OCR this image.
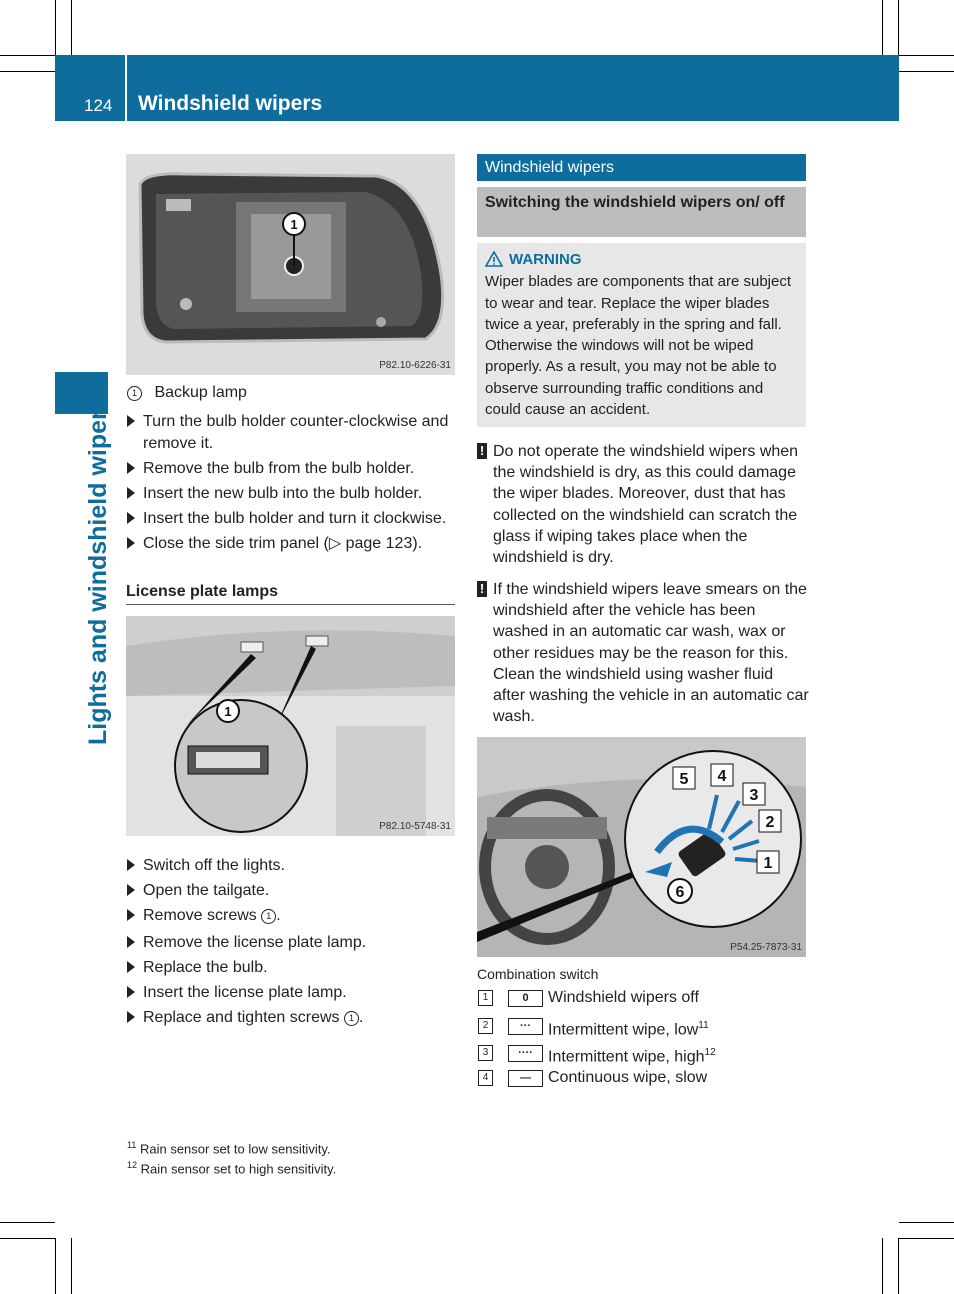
124 Windshield wipers
Lights and windshield wipers
1
P82.10-6226-31
1 Backup lamp
Turn the bulb holder counter-clockwise and remove it.
Remove the bulb from the bulb holder.
Insert the new bulb into the bulb holder.
Insert the bulb holder and turn it clockwise.
Close the side trim panel (▷ page 123).
License plate lamps
1
P82.10-5748-31
Switch off the lights.
Open the tailgate.
Remove screws 1 .
Remove the license plate lamp.
Replace the bulb.
Insert the license plate lamp.
Replace and tighten screws 1 .
Windshield wipers
Switching the windshield wipers on/ off
WARNING
Wiper blades are components that are subject to wear and tear. Replace the wiper blades twice a year, preferably in the spring and fall. Otherwise the windows will not be wiped properly. As a result, you may not be able to observe surrounding traffic conditions and could cause an accident.
! Do not operate the windshield wipers when the windshield is dry, as this could damage the wiper blades. Moreover, dust that has collected on the windshield can scratch the glass if wiping takes place when the windshield is dry.
! If the windshield wipers leave smears on the windshield after the vehicle has been washed in an automatic car wash, wax or other residues may be the reason for this. Clean the windshield using washer fluid after washing the vehicle in an automatic car wash.
1
2
3
4
5
6
P54.25-7873-31
Combination switch
1	0	Windshield wipers off
2	···	Intermittent wipe, low$^{11}$
3	···· Intermittent wipe, high$^{12}$
4	—	Continuous wipe, slow
$^{11}$ Rain sensor set to low sensitivity.
$^{12}$ Rain sensor set to high sensitivity.
